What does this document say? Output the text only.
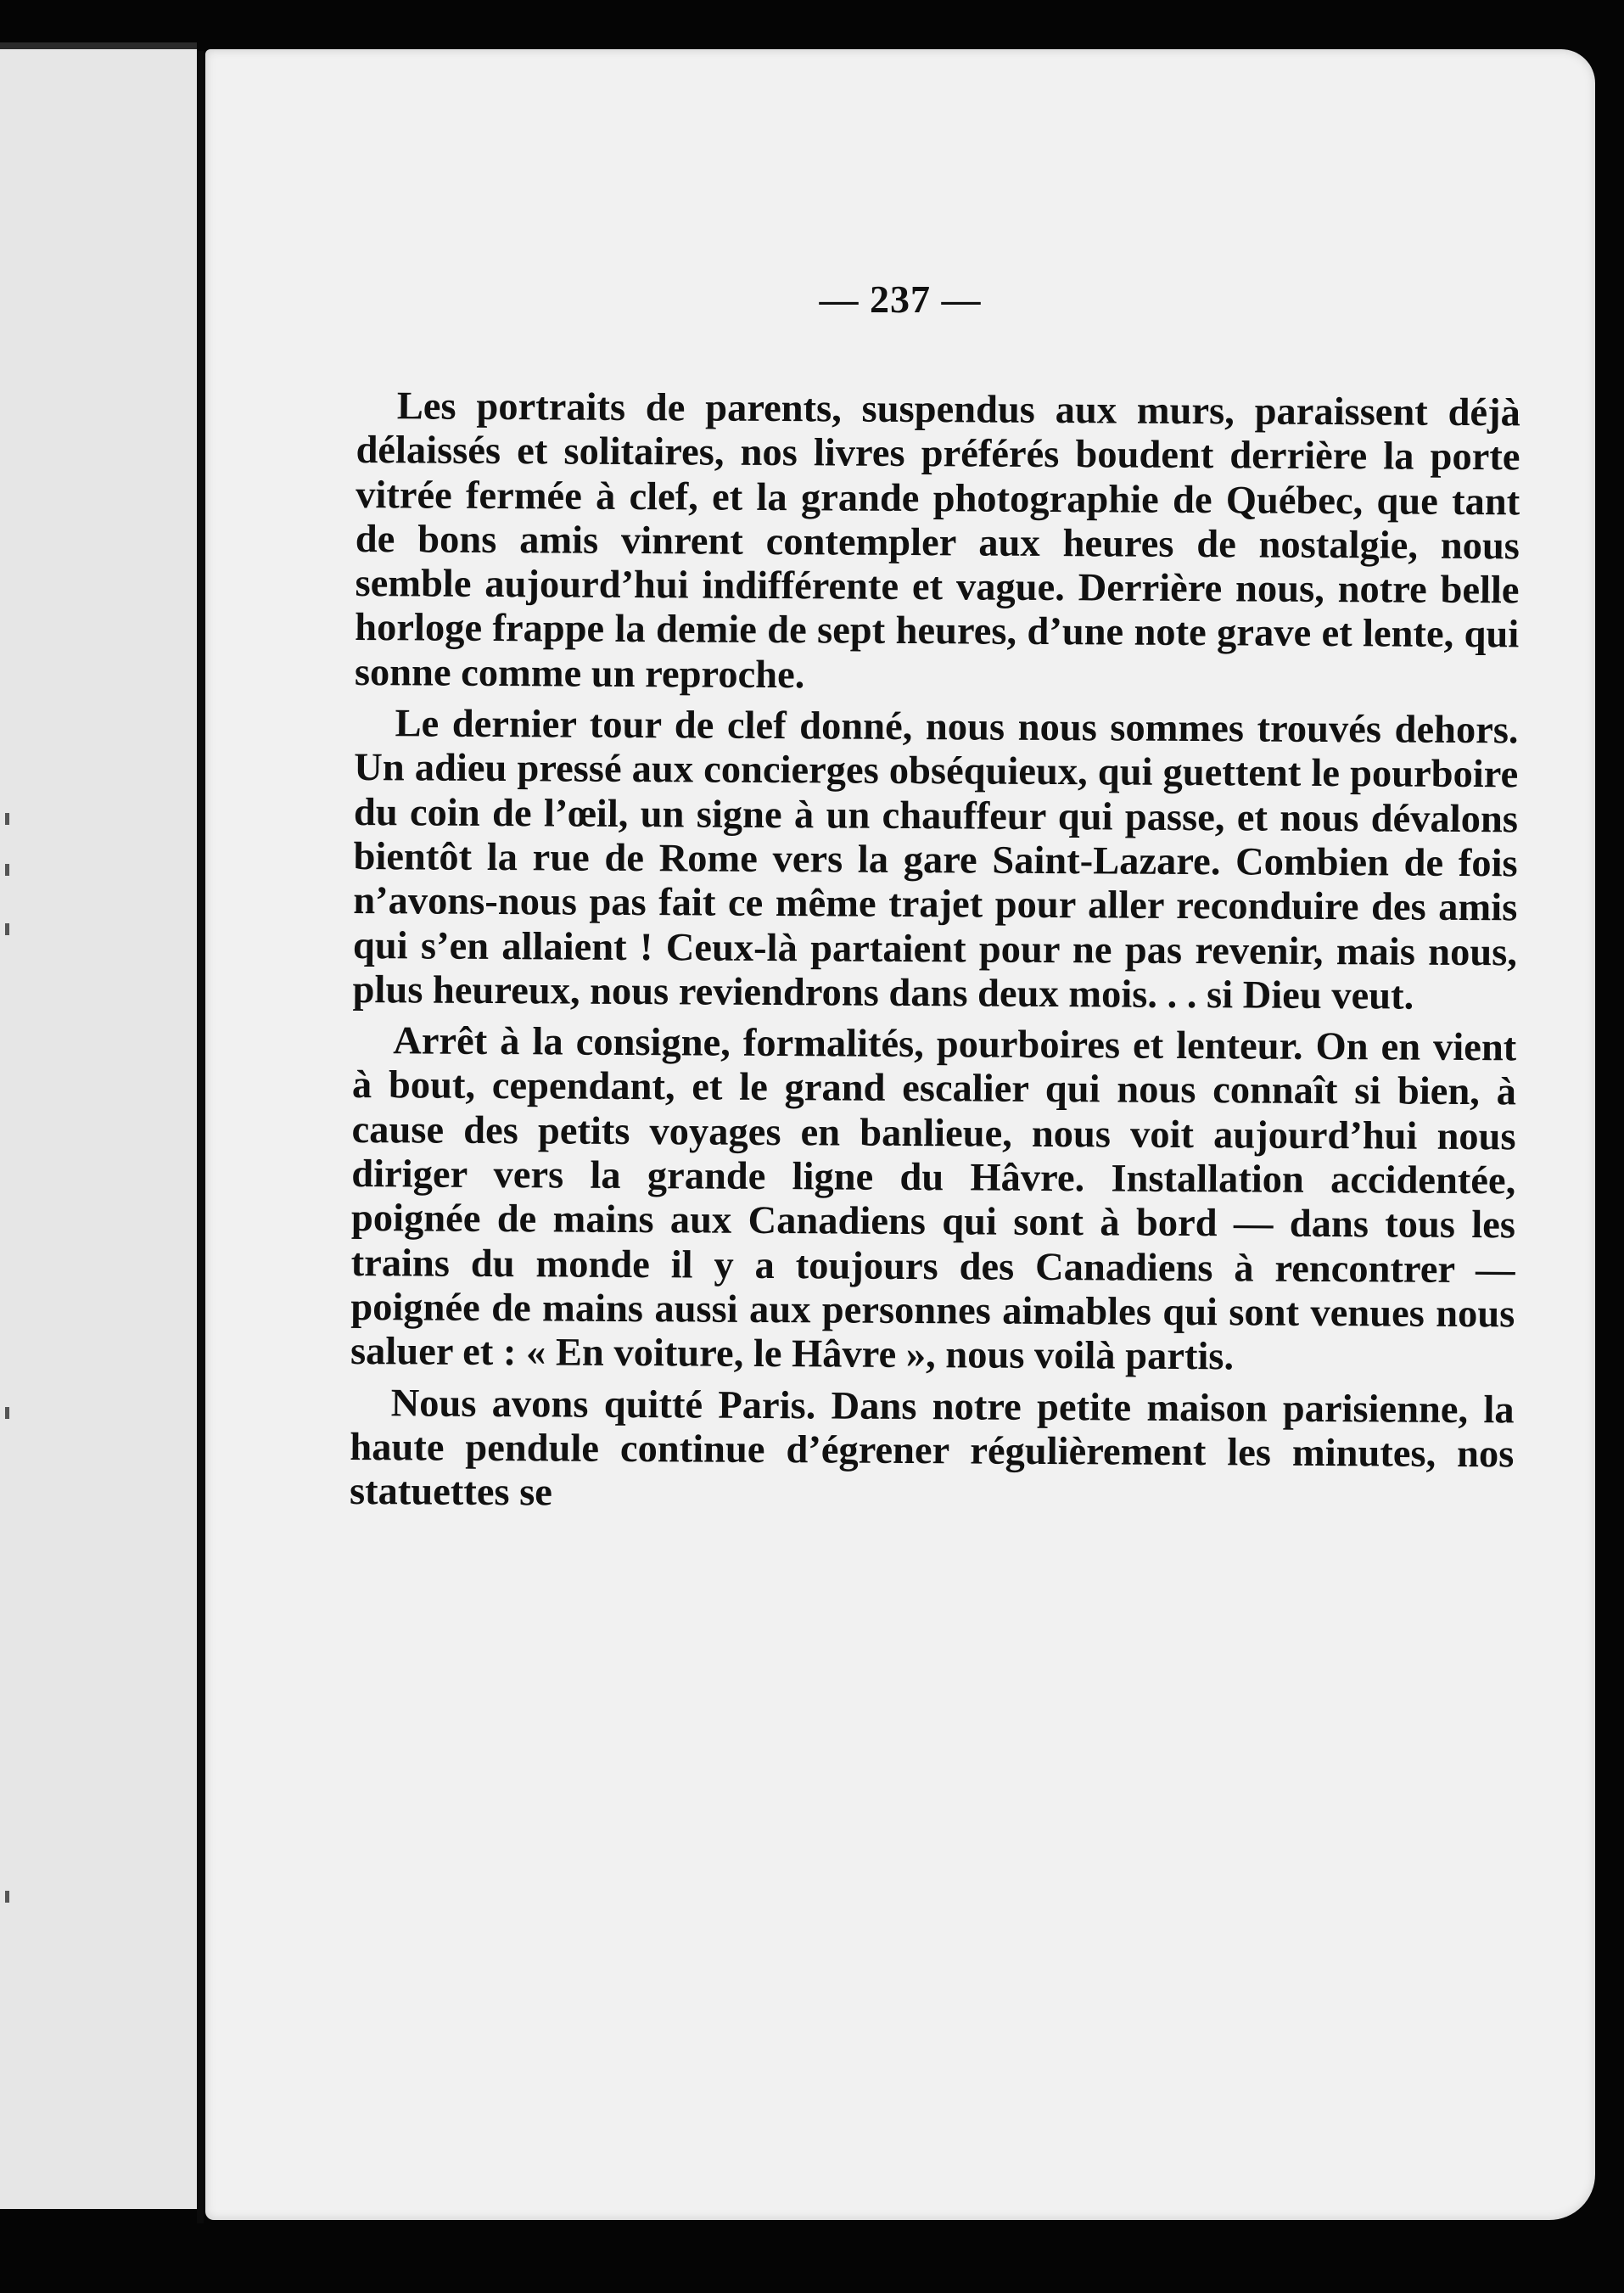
— 237 —

Les portraits de parents, suspendus aux murs, paraissent déjà délaissés et solitaires, nos livres préférés boudent derrière la porte vitrée fermée à clef, et la grande photographie de Québec, que tant de bons amis vinrent contempler aux heures de nostalgie, nous semble aujourd’hui indifférente et vague. Derrière nous, notre belle horloge frappe la demie de sept heures, d’une note grave et lente, qui sonne comme un reproche.

Le dernier tour de clef donné, nous nous sommes trouvés dehors. Un adieu pressé aux concierges obséquieux, qui guettent le pourboire du coin de l’œil, un signe à un chauffeur qui passe, et nous dévalons bientôt la rue de Rome vers la gare Saint-Lazare. Combien de fois n’avons-nous pas fait ce même trajet pour aller reconduire des amis qui s’en allaient ! Ceux-là partaient pour ne pas revenir, mais nous, plus heureux, nous reviendrons dans deux mois. . . si Dieu veut.

Arrêt à la consigne, formalités, pourboires et lenteur. On en vient à bout, cependant, et le grand escalier qui nous connaît si bien, à cause des petits voyages en banlieue, nous voit aujourd’hui nous diriger vers la grande ligne du Hâvre. Installation accidentée, poignée de mains aux Canadiens qui sont à bord — dans tous les trains du monde il y a toujours des Canadiens à rencontrer — poignée de mains aussi aux personnes aimables qui sont venues nous saluer et : « En voiture, le Hâvre », nous voilà partis.

Nous avons quitté Paris. Dans notre petite maison parisienne, la haute pendule continue d’égrener régulièrement les minutes, nos statuettes se
